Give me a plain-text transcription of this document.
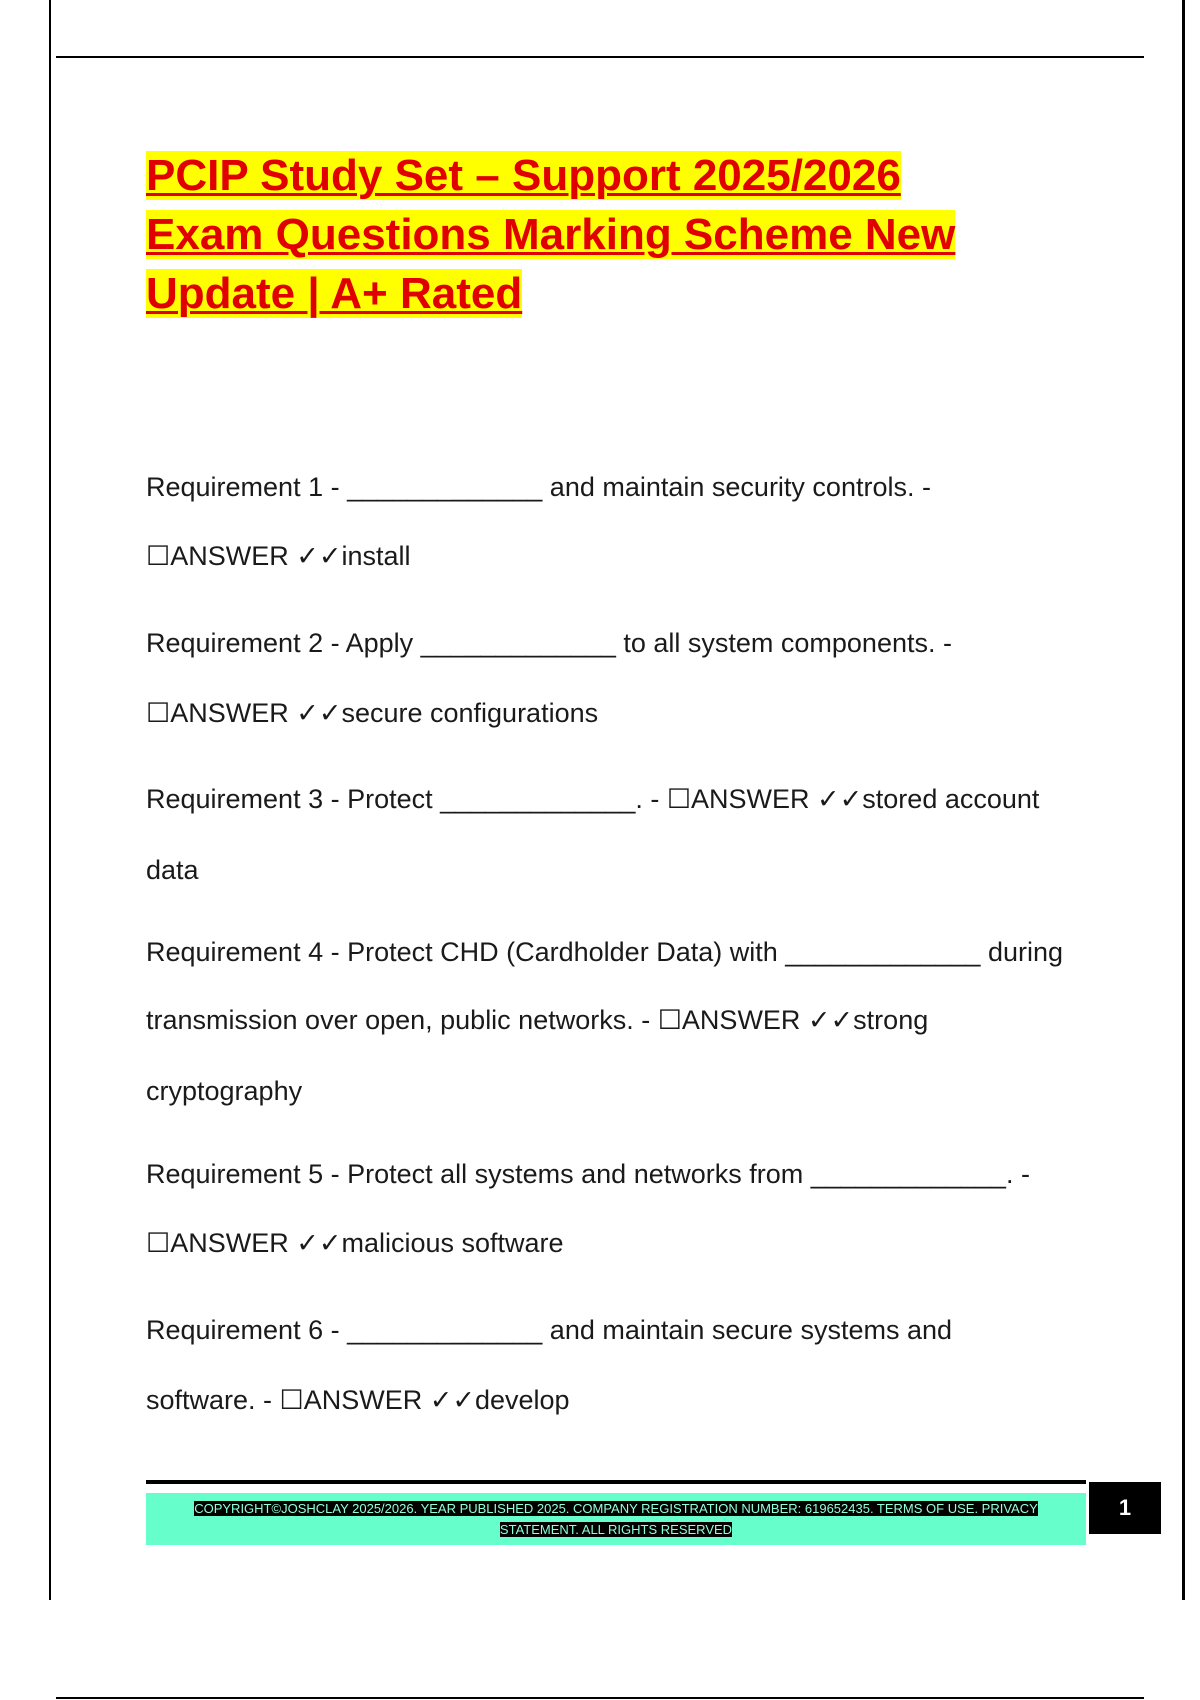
PCIP Study Set – Support 2025/2026
Exam Questions Marking Scheme New
Update | A+ Rated
Requirement 1 - _____________ and maintain security controls. -
☐ANSWER ✓✓install
Requirement 2 - Apply _____________ to all system components. -
☐ANSWER ✓✓secure configurations
Requirement 3 - Protect _____________. - ☐ANSWER ✓✓stored account
data
Requirement 4 - Protect CHD (Cardholder Data) with _____________ during
transmission over open, public networks. - ☐ANSWER ✓✓strong
cryptography
Requirement 5 - Protect all systems and networks from _____________. -
☐ANSWER ✓✓malicious software
Requirement 6 - _____________ and maintain secure systems and
software. - ☐ANSWER ✓✓develop
COPYRIGHT©JOSHCLAY 2025/2026. YEAR PUBLISHED 2025. COMPANY REGISTRATION NUMBER: 619652435. TERMS OF USE. PRIVACY
STATEMENT. ALL RIGHTS RESERVED
1
